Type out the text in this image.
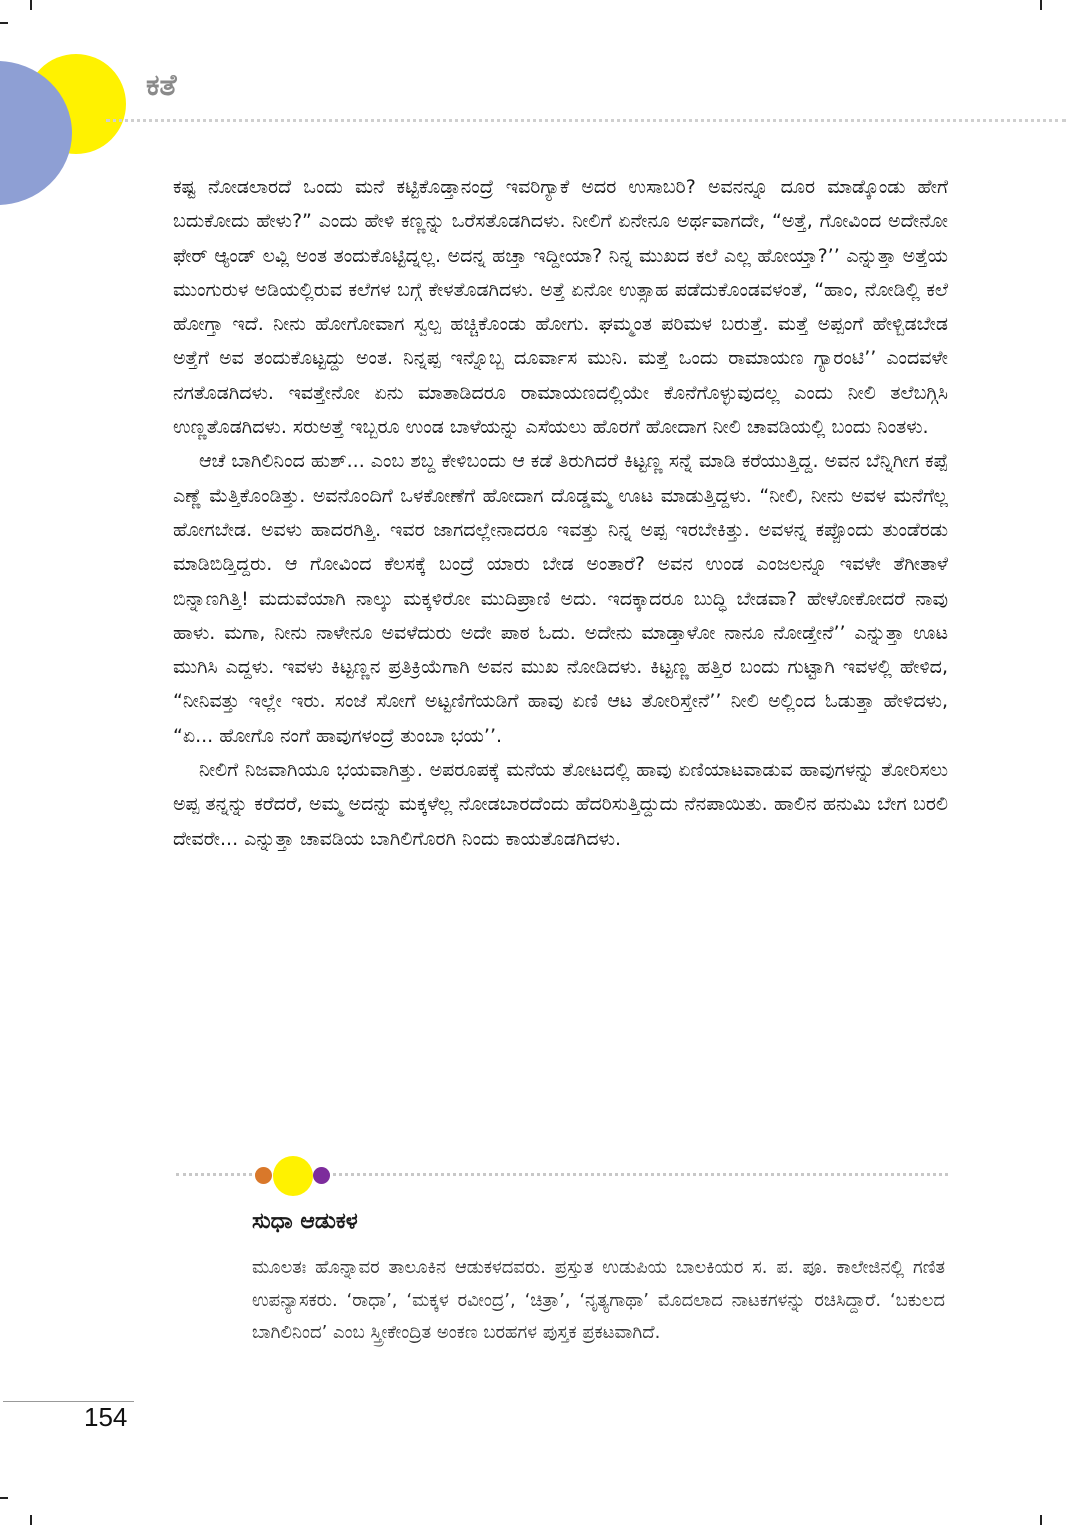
ಕತೆ

ಕಷ್ಟ ನೋಡಲಾರದೆ ಒಂದು ಮನೆ ಕಟ್ಟಿಕೊಡ್ತಾನಂದ್ರೆ ಇವರಿಗ್ಯಾಕೆ ಅದರ ಉಸಾಬರಿ? ಅವನನ್ನೂ ದೂರ ಮಾಡ್ಕೊಂಡು ಹೇಗೆ ಬದುಕೋದು ಹೇಳು?” ಎಂದು ಹೇಳಿ ಕಣ್ಣನ್ನು ಒರೆಸತೊಡಗಿದಳು. ನೀಲಿಗೆ ಏನೇನೂ ಅರ್ಥವಾಗದೇ, “ಅತ್ತೆ, ಗೋವಿಂದ ಅದೇನೋ ಫೇರ್ ಆ್ಯಂಡ್ ಲವ್ಲಿ ಅಂತ ತಂದುಕೊಟ್ಟಿದ್ನಲ್ಲ. ಅದನ್ನ ಹಚ್ತಾ ಇದ್ದೀಯಾ? ನಿನ್ನ ಮುಖದ ಕಲೆ ಎಲ್ಲ ಹೋಯ್ತಾ?’’ ಎನ್ನುತ್ತಾ ಅತ್ತೆಯ ಮುಂಗುರುಳ ಅಡಿಯಲ್ಲಿರುವ ಕಲೆಗಳ ಬಗ್ಗೆ ಕೇಳತೊಡಗಿದಳು. ಅತ್ತೆ ಏನೋ ಉತ್ಸಾಹ ಪಡೆದುಕೊಂಡವಳಂತೆ, “ಹಾಂ, ನೋಡಿಲ್ಲಿ ಕಲೆ ಹೋಗ್ತಾ ಇದೆ. ನೀನು ಹೋಗೋವಾಗ ಸ್ವಲ್ಪ ಹಚ್ಚಿಕೊಂಡು ಹೋಗು. ಘಮ್ಮಂತ ಪರಿಮಳ ಬರುತ್ತೆ. ಮತ್ತೆ ಅಪ್ಪಂಗೆ ಹೇಳ್ಬಿಡಬೇಡ ಅತ್ತೆಗೆ ಅವ ತಂದುಕೊಟ್ಟದ್ದು ಅಂತ. ನಿನ್ನಪ್ಪ ಇನ್ನೊಬ್ಬ ದೂರ್ವಾಸ ಮುನಿ. ಮತ್ತೆ ಒಂದು ರಾಮಾಯಣ ಗ್ಯಾರಂಟಿ’’ ಎಂದವಳೇ ನಗತೊಡಗಿದಳು. ಇವತ್ತೇನೋ ಏನು ಮಾತಾಡಿದರೂ ರಾಮಾಯಣದಲ್ಲಿಯೇ ಕೊನೆಗೊಳ್ಳುವುದಲ್ಲ ಎಂದು ನೀಲಿ ತಲೆಬಗ್ಗಿಸಿ ಉಣ್ಣತೊಡಗಿದಳು. ಸರುಅತ್ತೆ ಇಬ್ಬರೂ ಉಂಡ ಬಾಳೆಯನ್ನು ಎಸೆಯಲು ಹೊರಗೆ ಹೋದಾಗ ನೀಲಿ ಚಾವಡಿಯಲ್ಲಿ ಬಂದು ನಿಂತಳು.

ಆಚೆ ಬಾಗಿಲಿನಿಂದ ಹುಶ್... ಎಂಬ ಶಬ್ದ ಕೇಳಿಬಂದು ಆ ಕಡೆ ತಿರುಗಿದರೆ ಕಿಟ್ಟಣ್ಣ ಸನ್ನೆ ಮಾಡಿ ಕರೆಯುತ್ತಿದ್ದ. ಅವನ ಬೆನ್ನಿಗೀಗ ಕಪ್ಪೆ ಎಣ್ಣೆ ಮೆತ್ತಿಕೊಂಡಿತ್ತು. ಅವನೊಂದಿಗೆ ಒಳಕೋಣೆಗೆ ಹೋದಾಗ ದೊಡ್ಡಮ್ಮ ಊಟ ಮಾಡುತ್ತಿದ್ದಳು. “ನೀಲಿ, ನೀನು ಅವಳ ಮನೆಗೆಲ್ಲ ಹೋಗಬೇಡ. ಅವಳು ಹಾದರಗಿತ್ತಿ. ಇವರ ಜಾಗದಲ್ಲೇನಾದರೂ ಇವತ್ತು ನಿನ್ನ ಅಪ್ಪ ಇರಬೇಕಿತ್ತು. ಅವಳನ್ನ ಕಪ್ಪೊಂದು ತುಂಡೆರಡು ಮಾಡಿಬಿಡ್ತಿದ್ದರು. ಆ ಗೋವಿಂದ ಕೆಲಸಕ್ಕೆ ಬಂದ್ರೆ ಯಾರು ಬೇಡ ಅಂತಾರೆ? ಅವನ ಉಂಡ ಎಂಜಲನ್ನೂ ಇವಳೇ ತೆಗೀತಾಳೆ ಬಿನ್ನಾಣಗಿತ್ತಿ! ಮದುವೆಯಾಗಿ ನಾಲ್ಕು ಮಕ್ಕಳಿರೋ ಮುದಿಪ್ರಾಣಿ ಅದು. ಇದಕ್ಕಾದರೂ ಬುದ್ಧಿ ಬೇಡವಾ? ಹೇಳೋಕೋದರೆ ನಾವು ಹಾಳು. ಮಗಾ, ನೀನು ನಾಳೇನೂ ಅವಳೆದುರು ಅದೇ ಪಾಠ ಓದು. ಅದೇನು ಮಾಡ್ತಾಳೋ ನಾನೂ ನೋಡ್ತೇನೆ’’ ಎನ್ನುತ್ತಾ ಊಟ ಮುಗಿಸಿ ಎದ್ದಳು. ಇವಳು ಕಿಟ್ಟಣ್ಣನ ಪ್ರತಿಕ್ರಿಯೆಗಾಗಿ ಅವನ ಮುಖ ನೋಡಿದಳು. ಕಿಟ್ಟಣ್ಣ ಹತ್ತಿರ ಬಂದು ಗುಟ್ಟಾಗಿ ಇವಳಲ್ಲಿ ಹೇಳಿದ, “ನೀನಿವತ್ತು ಇಲ್ಲೇ ಇರು. ಸಂಜೆ ಸೋಗೆ ಅಟ್ಟಣಿಗೆಯಡಿಗೆ ಹಾವು ಏಣಿ ಆಟ ತೋರಿಸ್ತೇನೆ’’ ನೀಲಿ ಅಲ್ಲಿಂದ ಓಡುತ್ತಾ ಹೇಳಿದಳು, “ಏ... ಹೋಗೊ ನಂಗೆ ಹಾವುಗಳಂದ್ರೆ ತುಂಬಾ ಭಯ’’.

ನೀಲಿಗೆ ನಿಜವಾಗಿಯೂ ಭಯವಾಗಿತ್ತು. ಅಪರೂಪಕ್ಕೆ ಮನೆಯ ತೋಟದಲ್ಲಿ ಹಾವು ಏಣಿಯಾಟವಾಡುವ ಹಾವುಗಳನ್ನು ತೋರಿಸಲು ಅಪ್ಪ ತನ್ನನ್ನು ಕರೆದರೆ, ಅಮ್ಮ ಅದನ್ನು ಮಕ್ಕಳೆಲ್ಲ ನೋಡಬಾರದೆಂದು ಹೆದರಿಸುತ್ತಿದ್ದುದು ನೆನಪಾಯಿತು. ಹಾಲಿನ ಹನುಮಿ ಬೇಗ ಬರಲಿ ದೇವರೇ... ಎನ್ನುತ್ತಾ ಚಾವಡಿಯ ಬಾಗಿಲಿಗೊರಗಿ ನಿಂದು ಕಾಯತೊಡಗಿದಳು.

ಸುಧಾ ಆಡುಕಳ

ಮೂಲತಃ ಹೊನ್ನಾವರ ತಾಲೂಕಿನ ಆಡುಕಳದವರು. ಪ್ರಸ್ತುತ ಉಡುಪಿಯ ಬಾಲಕಿಯರ ಸ. ಪ. ಪೂ. ಕಾಲೇಜಿನಲ್ಲಿ ಗಣಿತ ಉಪನ್ಯಾಸಕರು. ‘ರಾಧಾ’, ‘ಮಕ್ಕಳ ರವೀಂದ್ರ’, ‘ಚಿತ್ರಾ’, ‘ನೃತ್ಯಗಾಥಾ’ ಮೊದಲಾದ ನಾಟಕಗಳನ್ನು ರಚಿಸಿದ್ದಾರೆ. ‘ಬಕುಲದ ಬಾಗಿಲಿನಿಂದ’ ಎಂಬ ಸ್ತ್ರೀಕೇಂದ್ರಿತ ಅಂಕಣ ಬರಹಗಳ ಪುಸ್ತಕ ಪ್ರಕಟವಾಗಿದೆ.

154
